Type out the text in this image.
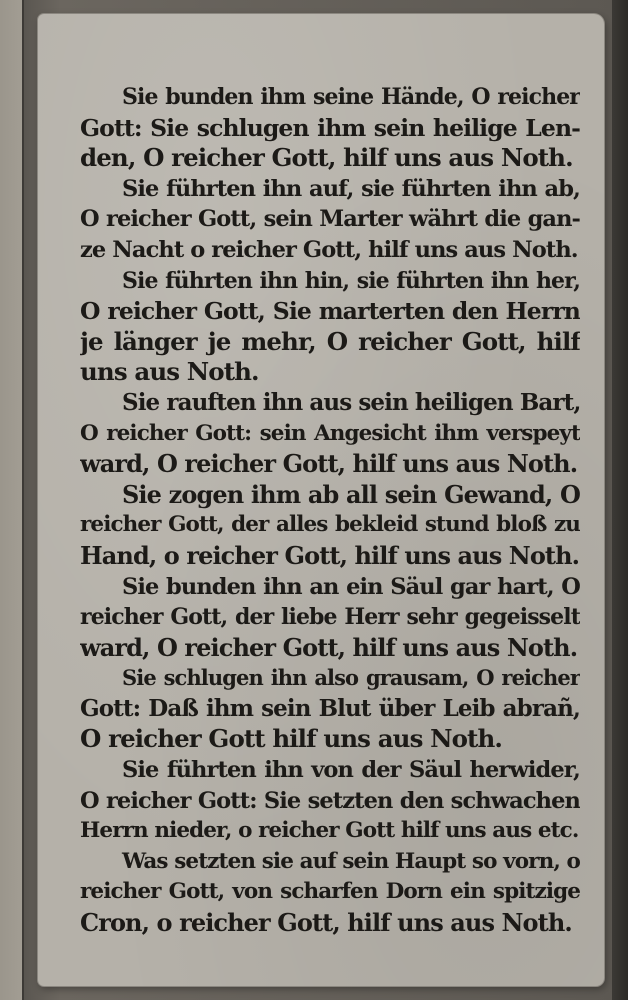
Sie bunden ihm seine Hände, O reicher
Gott: Sie schlugen ihm sein heilige Len-
den, O reicher Gott, hilf uns aus Noth.
Sie führten ihn auf, sie führten ihn ab,
O reicher Gott, sein Marter währt die gan-
ze Nacht o reicher Gott, hilf uns aus Noth.
Sie führten ihn hin, sie führten ihn her,
O reicher Gott, Sie marterten den Herrn
je länger je mehr, O reicher Gott, hilf
uns aus Noth.
Sie rauften ihn aus sein heiligen Bart,
O reicher Gott: sein Angesicht ihm verspeyt
ward, O reicher Gott, hilf uns aus Noth.
Sie zogen ihm ab all sein Gewand, O
reicher Gott, der alles bekleid stund bloß zu
Hand, o reicher Gott, hilf uns aus Noth.
Sie bunden ihn an ein Säul gar hart, O
reicher Gott, der liebe Herr sehr gegeisselt
ward, O reicher Gott, hilf uns aus Noth.
Sie schlugen ihn also grausam, O reicher
Gott: Daß ihm sein Blut über Leib abrañ,
O reicher Gott hilf uns aus Noth.
Sie führten ihn von der Säul herwider,
O reicher Gott: Sie setzten den schwachen
Herrn nieder, o reicher Gott hilf uns aus etc.
Was setzten sie auf sein Haupt so vorn, o
reicher Gott, von scharfen Dorn ein spitzige
Cron, o reicher Gott, hilf uns aus Noth.
